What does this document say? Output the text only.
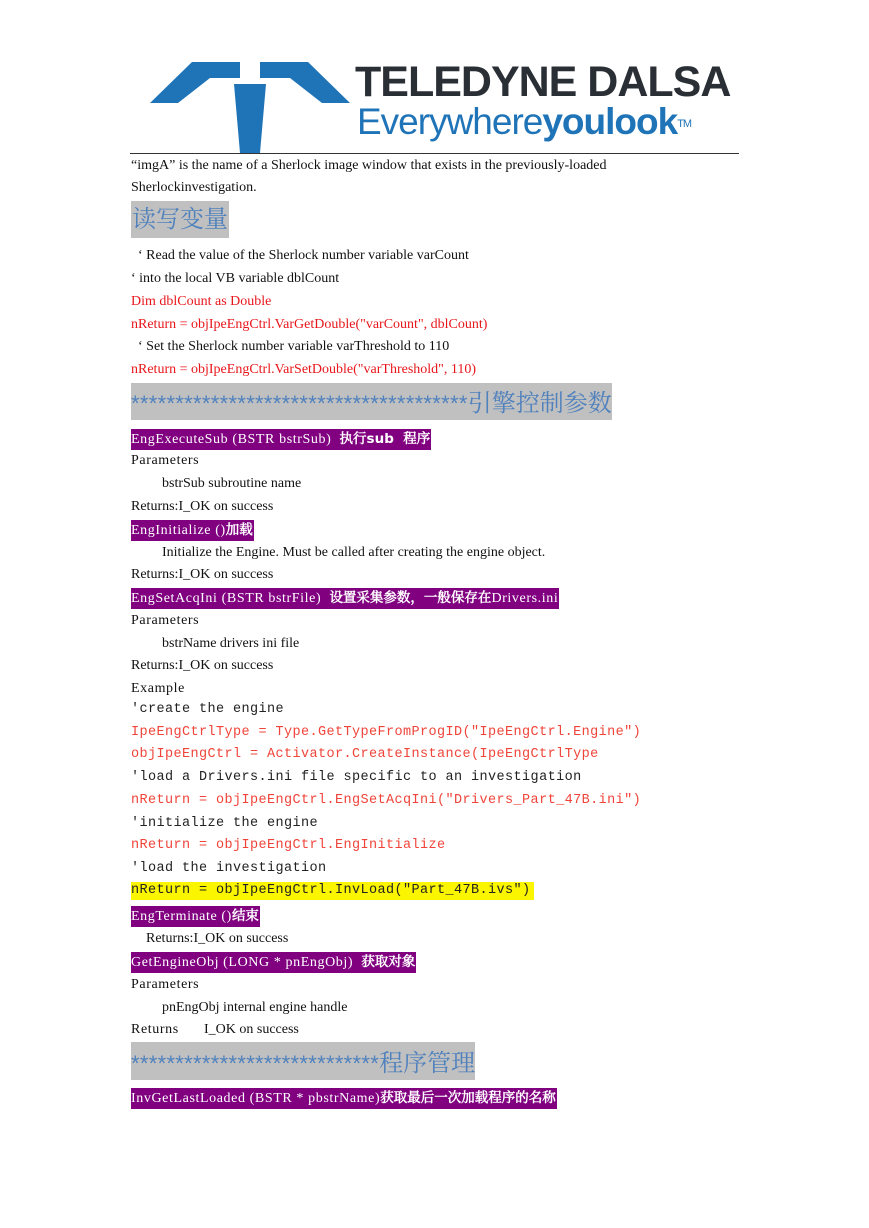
TELEDYNE DALSA
Everywhereyoulook™
“imgA” is the name of a Sherlock image window that exists in the previously-loaded
Sherlockinvestigation.
读写变量
‘ Read the value of the Sherlock number variable varCount
‘ into the local VB variable dblCount
Dim dblCount as Double
nReturn = objIpeEngCtrl.VarGetDouble("varCount", dblCount)
‘ Set the Sherlock number variable varThreshold to 110
nReturn = objIpeEngCtrl.VarSetDouble("varThreshold", 110)
**************************************引擎控制参数
EngExecuteSub (BSTR bstrSub)  执行sub  程序
Parameters
bstrSub subroutine name
Returns:I_OK on success
EngInitialize ()加载
Initialize the Engine. Must be called after creating the engine object.
Returns:I_OK on success
EngSetAcqIni (BSTR bstrFile)  设置采集参数，一般保存在Drivers.ini
Parameters
bstrName drivers ini file
Returns:I_OK on success
Example
'create the engine
IpeEngCtrlType = Type.GetTypeFromProgID("IpeEngCtrl.Engine")
objIpeEngCtrl = Activator.CreateInstance(IpeEngCtrlType
'load a Drivers.ini file specific to an investigation
nReturn = objIpeEngCtrl.EngSetAcqIni("Drivers_Part_47B.ini")
'initialize the engine
nReturn = objIpeEngCtrl.EngInitialize
'load the investigation
nReturn = objIpeEngCtrl.InvLoad("Part_47B.ivs")
EngTerminate ()结束
Returns:I_OK on success
GetEngineObj (LONG * pnEngObj)  获取对象
Parameters
pnEngObj internal engine handle
Returns I_OK on success
****************************程序管理
InvGetLastLoaded (BSTR * pbstrName)获取最后一次加载程序的名称
